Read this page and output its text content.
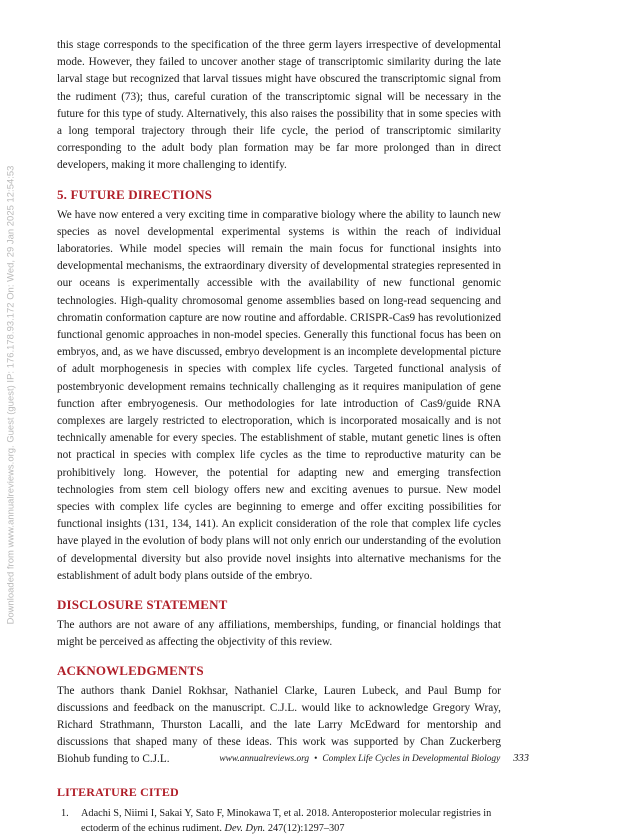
Downloaded from www.annualreviews.org. Guest (guest) IP: 176.178.93.172 On: Wed, 29 Jan 2025 12:54:53

this stage corresponds to the specification of the three germ layers irrespective of developmental mode. However, they failed to uncover another stage of transcriptomic similarity during the late larval stage but recognized that larval tissues might have obscured the transcriptomic signal from the rudiment (73); thus, careful curation of the transcriptomic signal will be necessary in the future for this type of study. Alternatively, this also raises the possibility that in some species with a long temporal trajectory through their life cycle, the period of transcriptomic similarity corresponding to the adult body plan formation may be far more prolonged than in direct developers, making it more challenging to identify.

5. FUTURE DIRECTIONS

We have now entered a very exciting time in comparative biology where the ability to launch new species as novel developmental experimental systems is within the reach of individual laboratories. While model species will remain the main focus for functional insights into developmental mechanisms, the extraordinary diversity of developmental strategies represented in our oceans is experimentally accessible with the availability of new functional genomic technologies. High-quality chromosomal genome assemblies based on long-read sequencing and chromatin conformation capture are now routine and affordable. CRISPR-Cas9 has revolutionized functional genomic approaches in non-model species. Generally this functional focus has been on embryos, and, as we have discussed, embryo development is an incomplete developmental picture of adult morphogenesis in species with complex life cycles. Targeted functional analysis of postembryonic development remains technically challenging as it requires manipulation of gene function after embryogenesis. Our methodologies for late introduction of Cas9/guide RNA complexes are largely restricted to electroporation, which is incorporated mosaically and is not technically amenable for every species. The establishment of stable, mutant genetic lines is often not practical in species with complex life cycles as the time to reproductive maturity can be prohibitively long. However, the potential for adapting new and emerging transfection technologies from stem cell biology offers new and exciting avenues to pursue. New model species with complex life cycles are beginning to emerge and offer exciting possibilities for functional insights (131, 134, 141). An explicit consideration of the role that complex life cycles have played in the evolution of body plans will not only enrich our understanding of the evolution of developmental diversity but also provide novel insights into alternative mechanisms for the establishment of adult body plans outside of the embryo.

DISCLOSURE STATEMENT

The authors are not aware of any affiliations, memberships, funding, or financial holdings that might be perceived as affecting the objectivity of this review.

ACKNOWLEDGMENTS

The authors thank Daniel Rokhsar, Nathaniel Clarke, Lauren Lubeck, and Paul Bump for discussions and feedback on the manuscript. C.J.L. would like to acknowledge Gregory Wray, Richard Strathmann, Thurston Lacalli, and the late Larry McEdward for mentorship and discussions that shaped many of these ideas. This work was supported by Chan Zuckerberg Biohub funding to C.J.L.

LITERATURE CITED
1.	Adachi S, Niimi I, Sakai Y, Sato F, Minokawa T, et al. 2018. Anteroposterior molecular registries in ectoderm of the echinus rudiment. Dev. Dyn. 247(12):1297–307
www.annualreviews.org • Complex Life Cycles in Developmental Biology 333
